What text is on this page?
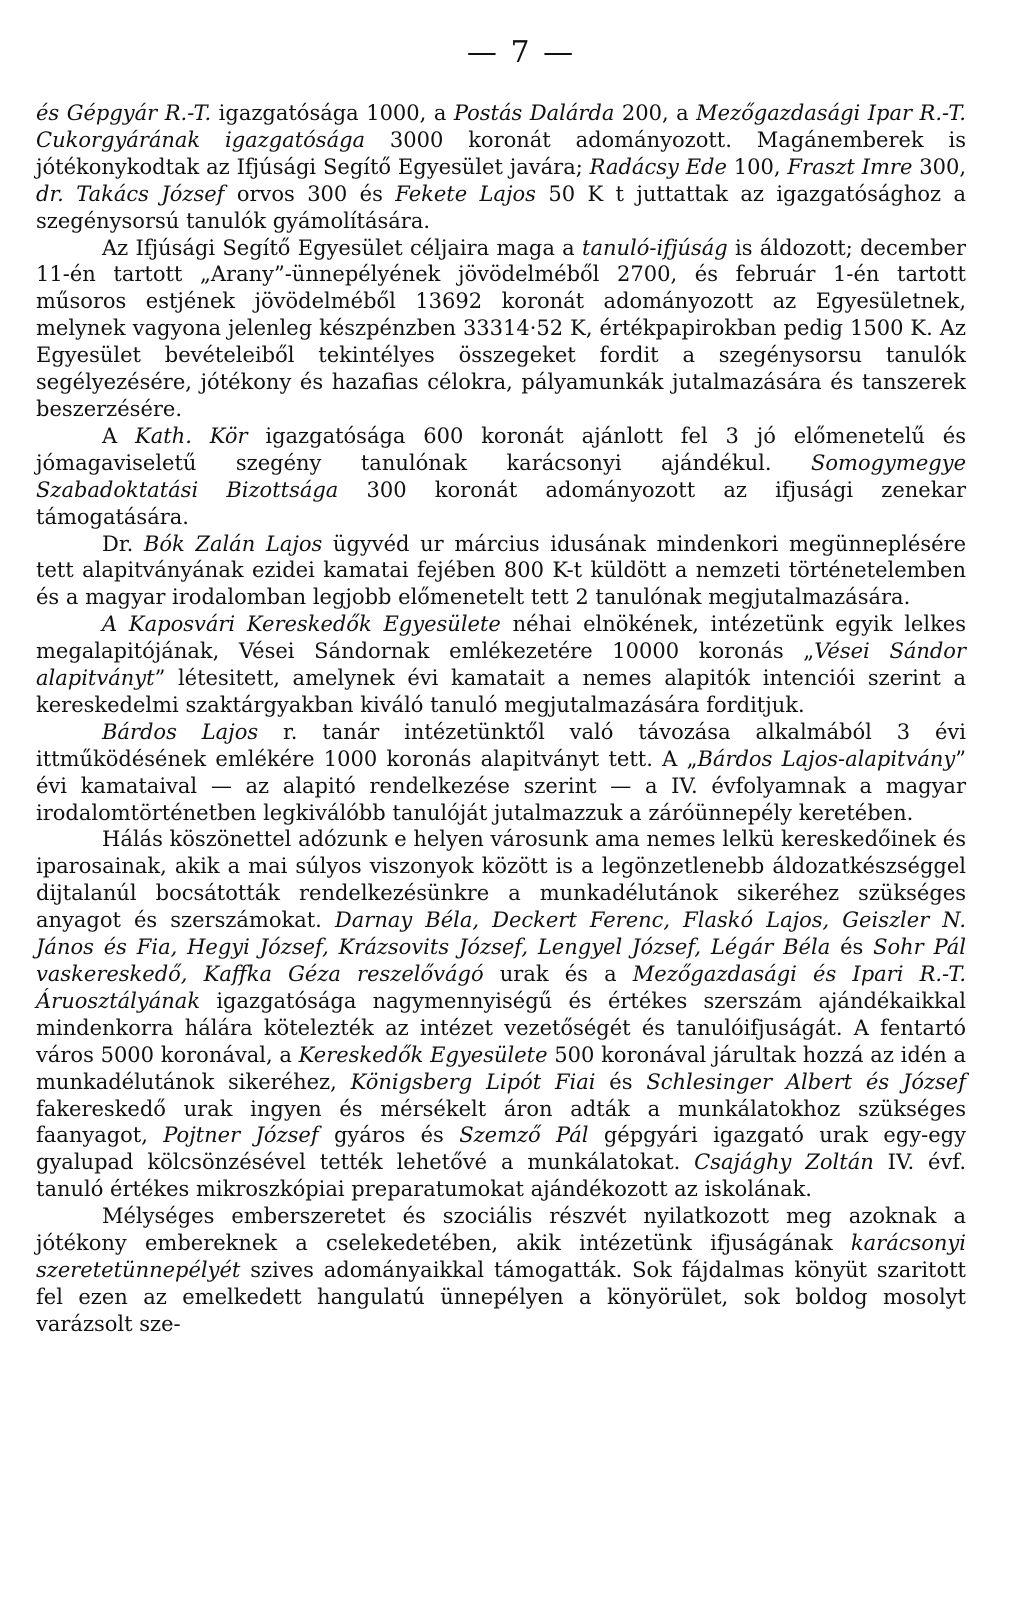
— 7 —

és Gépgyár R.-T. igazgatósága 1000, a Postás Dalárda 200, a Mezőgazdasági Ipar R.-T. Cukorgyárának igazgatósága 3000 koronát adományozott. Magánemberek is jótékonykodtak az Ifjúsági Segítő Egyesület javára; Radácsy Ede 100, Fraszt Imre 300, dr. Takács József orvos 300 és Fekete Lajos 50 K t juttattak az igazgatósághoz a szegénysorsú tanulók gyámolítására.

Az Ifjúsági Segítő Egyesület céljaira maga a tanuló-ifjúság is áldozott; december 11-én tartott „Arany”-ünnepélyének jövödelméből 2700, és február 1-én tartott műsoros estjének jövödelméből 13692 koronát adományozott az Egyesületnek, melynek vagyona jelenleg készpénzben 33314·52 K, értékpapirokban pedig 1500 K. Az Egyesület bevételeiből tekintélyes összegeket fordit a szegénysorsu tanulók segélyezésére, jótékony és hazafias célokra, pályamunkák jutalmazására és tanszerek beszerzésére.

A Kath. Kör igazgatósága 600 koronát ajánlott fel 3 jó előmenetelű és jómagaviseletű szegény tanulónak karácsonyi ajándékul. Somogymegye Szabadoktatási Bizottsága 300 koronát adományozott az ifjusági zenekar támogatására.

Dr. Bók Zalán Lajos ügyvéd ur március idusának mindenkori megünneplésére tett alapitványának ezidei kamatai fejében 800 K-t küldött a nemzeti történetelemben és a magyar irodalomban legjobb előmenetelt tett 2 tanulónak megjutalmazására.

A Kaposvári Kereskedők Egyesülete néhai elnökének, intézetünk egyik lelkes megalapitójának, Vései Sándornak emlékezetére 10000 koronás „Vései Sándor alapitványt” létesitett, amelynek évi kamatait a nemes alapitók intenciói szerint a kereskedelmi szaktárgyakban kiváló tanuló megjutalmazására forditjuk.

Bárdos Lajos r. tanár intézetünktől való távozása alkalmából 3 évi ittműködésének emlékére 1000 koronás alapitványt tett. A „Bárdos Lajos-alapitvány” évi kamataival — az alapitó rendelkezése szerint — a IV. évfolyamnak a magyar irodalomtörténetben legkiválóbb tanulóját jutalmazzuk a záróünnepély keretében.

Hálás köszönettel adózunk e helyen városunk ama nemes lelkü kereskedőinek és iparosainak, akik a mai súlyos viszonyok között is a legönzetlenebb áldozatkészséggel dijtalanúl bocsátották rendelkezésünkre a munkadélutánok sikeréhez szükséges anyagot és szerszámokat. Darnay Béla, Deckert Ferenc, Flaskó Lajos, Geiszler N. János és Fia, Hegyi József, Krázsovits József, Lengyel József, Légár Béla és Sohr Pál vaskereskedő, Kaffka Géza reszelővágó urak és a Mezőgazdasági és Ipari R.-T. Áruosztályának igazgatósága nagymennyiségű és értékes szerszám ajándékaikkal mindenkorra hálára kötelezték az intézet vezetőségét és tanulóifjuságát. A fentartó város 5000 koronával, a Kereskedők Egyesülete 500 koronával járultak hozzá az idén a munkadélutánok sikeréhez, Königsberg Lipót Fiai és Schlesinger Albert és József fakereskedő urak ingyen és mérsékelt áron adták a munkálatokhoz szükséges faanyagot, Pojtner József gyáros és Szemző Pál gépgyári igazgató urak egy-egy gyalupad kölcsönzésével tették lehetővé a munkálatokat. Csajághy Zoltán IV. évf. tanuló értékes mikroszkópiai preparatumokat ajándékozott az iskolának.

Mélységes emberszeretet és szociális részvét nyilatkozott meg azoknak a jótékony embereknek a cselekedetében, akik intézetünk ifjuságának karácsonyi szeretetünnepélyét szives adományaikkal támogatták. Sok fájdalmas könyüt szaritott fel ezen az emelkedett hangulatú ünnepélyen a könyörület, sok boldog mosolyt varázsolt sze-
